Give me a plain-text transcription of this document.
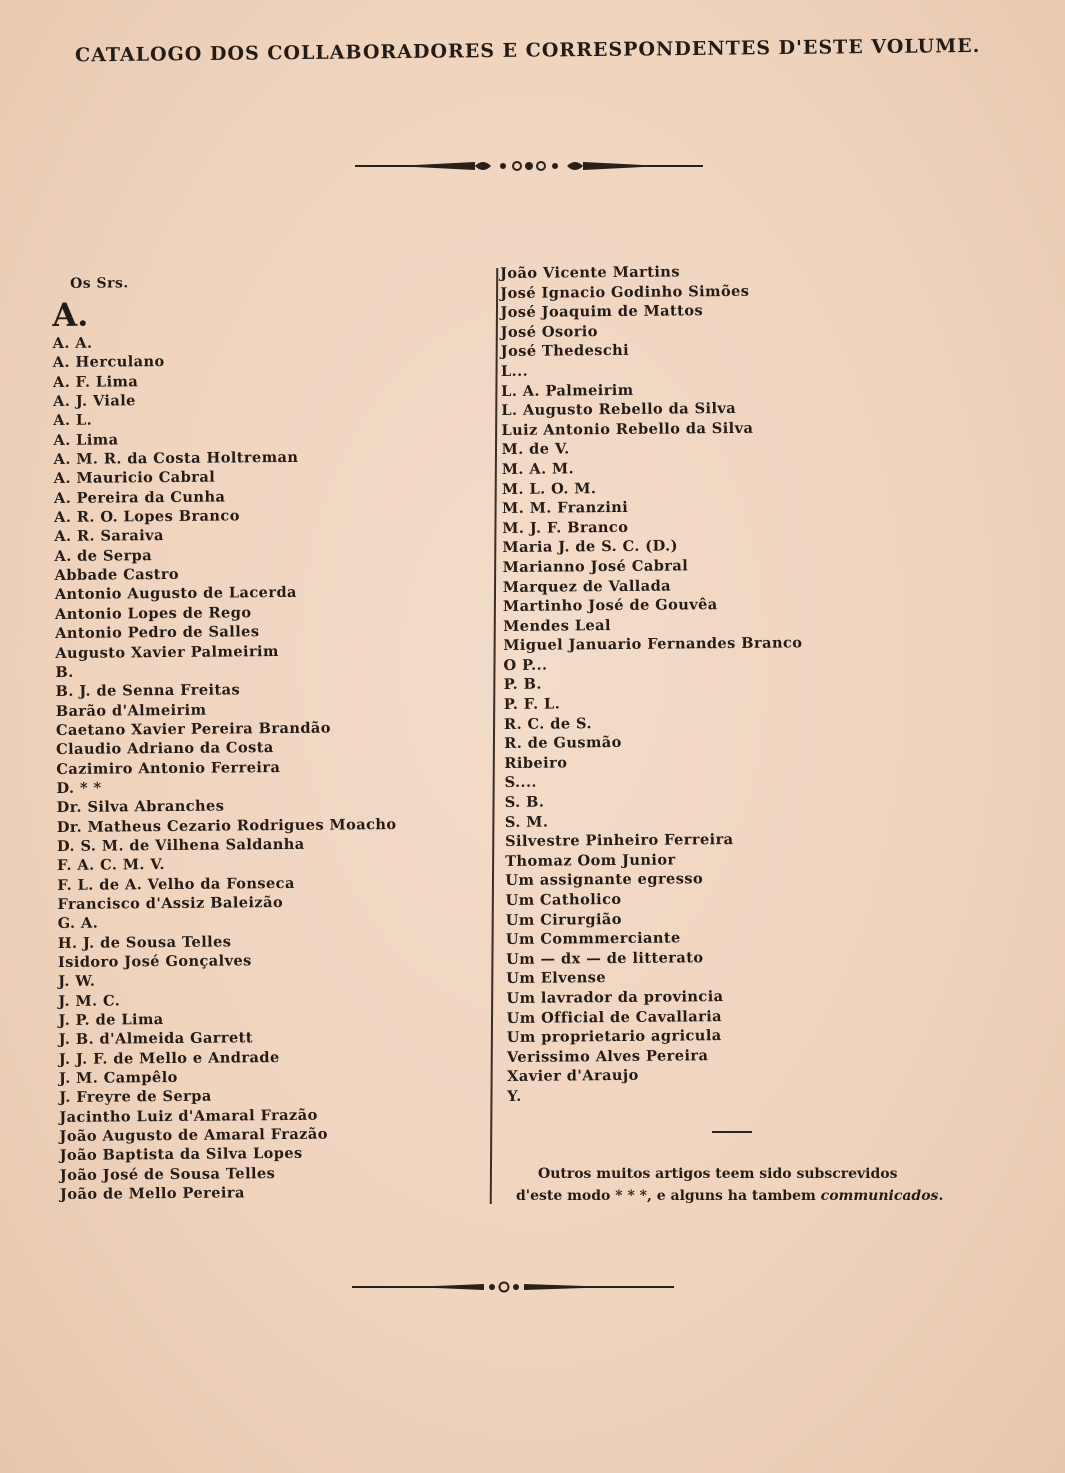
CATALOGO DOS COLLABORADORES E CORRESPONDENTES D'ESTE VOLUME.
Os Srs.
A.
A. A.
A. Herculano
A. F. Lima
A. J. Viale
A. L.
A. Lima
A. M. R. da Costa Holtreman
A. Mauricio Cabral
A. Pereira da Cunha
A. R. O. Lopes Branco
A. R. Saraiva
A. de Serpa
Abbade Castro
Antonio Augusto de Lacerda
Antonio Lopes de Rego
Antonio Pedro de Salles
Augusto Xavier Palmeirim
B.
B. J. de Senna Freitas
Barão d'Almeirim
Caetano Xavier Pereira Brandão
Claudio Adriano da Costa
Cazimiro Antonio Ferreira
D. * *
Dr. Silva Abranches
Dr. Matheus Cezario Rodrigues Moacho
D. S. M. de Vilhena Saldanha
F. A. C. M. V.
F. L. de A. Velho da Fonseca
Francisco d'Assiz Baleizão
G. A.
H. J. de Sousa Telles
Isidoro José Gonçalves
J. W.
J. M. C.
J. P. de Lima
J. B. d'Almeida Garrett
J. J. F. de Mello e Andrade
J. M. Campêlo
J. Freyre de Serpa
Jacintho Luiz d'Amaral Frazão
João Augusto de Amaral Frazão
João Baptista da Silva Lopes
João José de Sousa Telles
João de Mello Pereira
João Vicente Martins
José Ignacio Godinho Simões
José Joaquim de Mattos
José Osorio
José Thedeschi
L...
L. A. Palmeirim
L. Augusto Rebello da Silva
Luiz Antonio Rebello da Silva
M. de V.
M. A. M.
M. L. O. M.
M. M. Franzini
M. J. F. Branco
Maria J. de S. C. (D.)
Marianno José Cabral
Marquez de Vallada
Martinho José de Gouvêa
Mendes Leal
Miguel Januario Fernandes Branco
O P...
P. B.
P. F. L.
R. C. de S.
R. de Gusmão
Ribeiro
S....
S. B.
S. M.
Silvestre Pinheiro Ferreira
Thomaz Oom Junior
Um assignante egresso
Um Catholico
Um Cirurgião
Um Commmerciante
Um — dx — de litterato
Um Elvense
Um lavrador da provincia
Um Official de Cavallaria
Um proprietario agricula
Verissimo Alves Pereira
Xavier d'Araujo
Y.
Outros muitos artigos teem sido subscrevidos d'este modo * * *, e alguns ha tambem communicados.
